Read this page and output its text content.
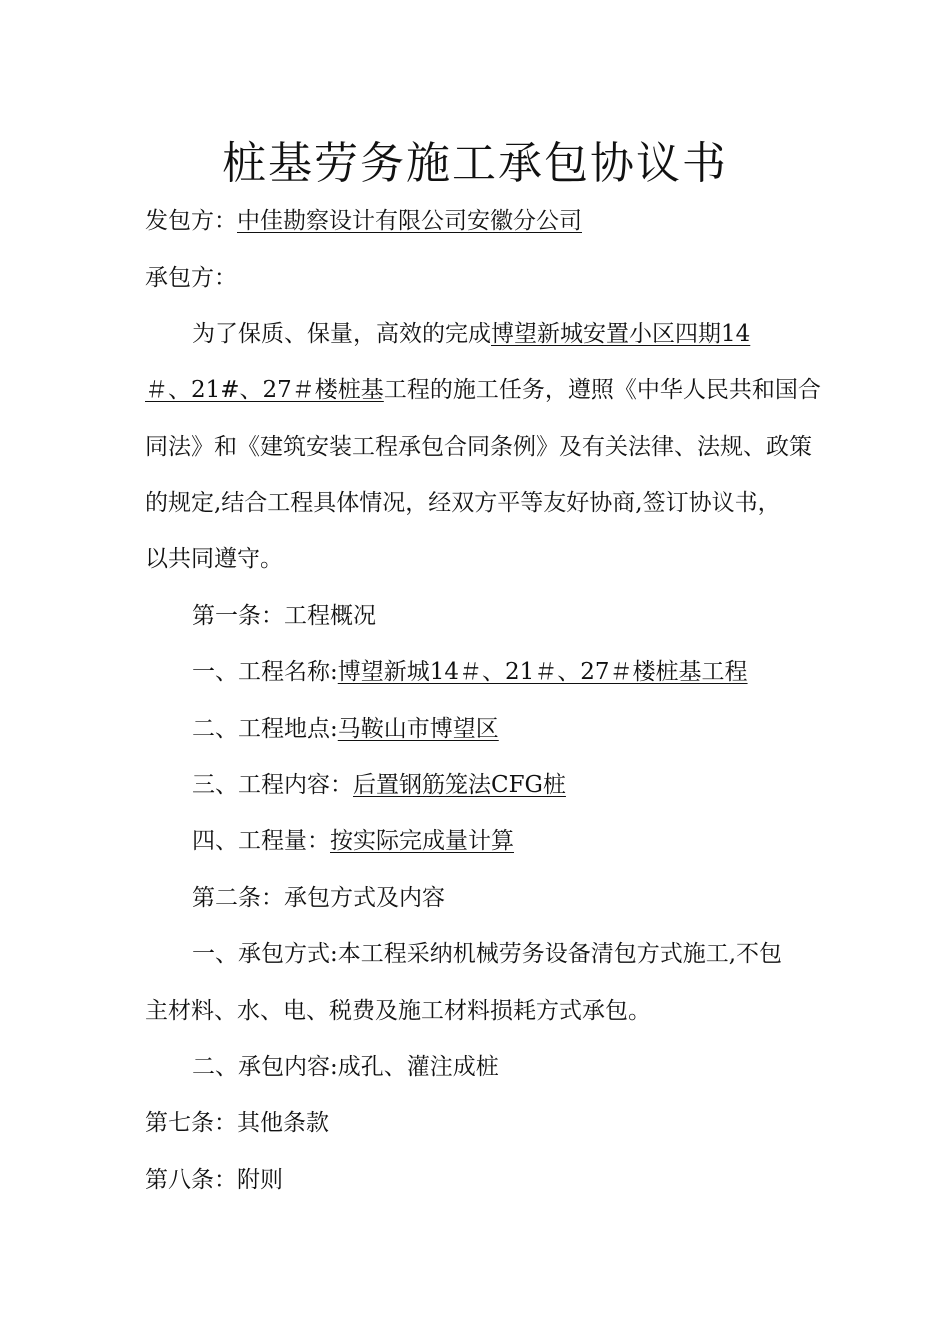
桩基劳务施工承包协议书
发包方：中佳勘察设计有限公司安徽分公司
承包方：
为了保质、保量，高效的完成博望新城安置小区四期14
＃、21#、27＃楼桩基工程的施工任务，遵照《中华人民共和国合
同法》和《建筑安装工程承包合同条例》及有关法律、法规、政策
的规定,结合工程具体情况，经双方平等友好协商,签订协议书，
以共同遵守。
第一条：工程概况
一、工程名称:博望新城14＃、21＃、27＃楼桩基工程
二、工程地点:马鞍山市博望区
三、工程内容：后置钢筋笼法CFG桩
四、工程量：按实际完成量计算
第二条：承包方式及内容
一、承包方式:本工程采纳机械劳务设备清包方式施工,不包
主材料、水、电、税费及施工材料损耗方式承包。
二、承包内容:成孔、灌注成桩
第七条：其他条款
第八条：附则
